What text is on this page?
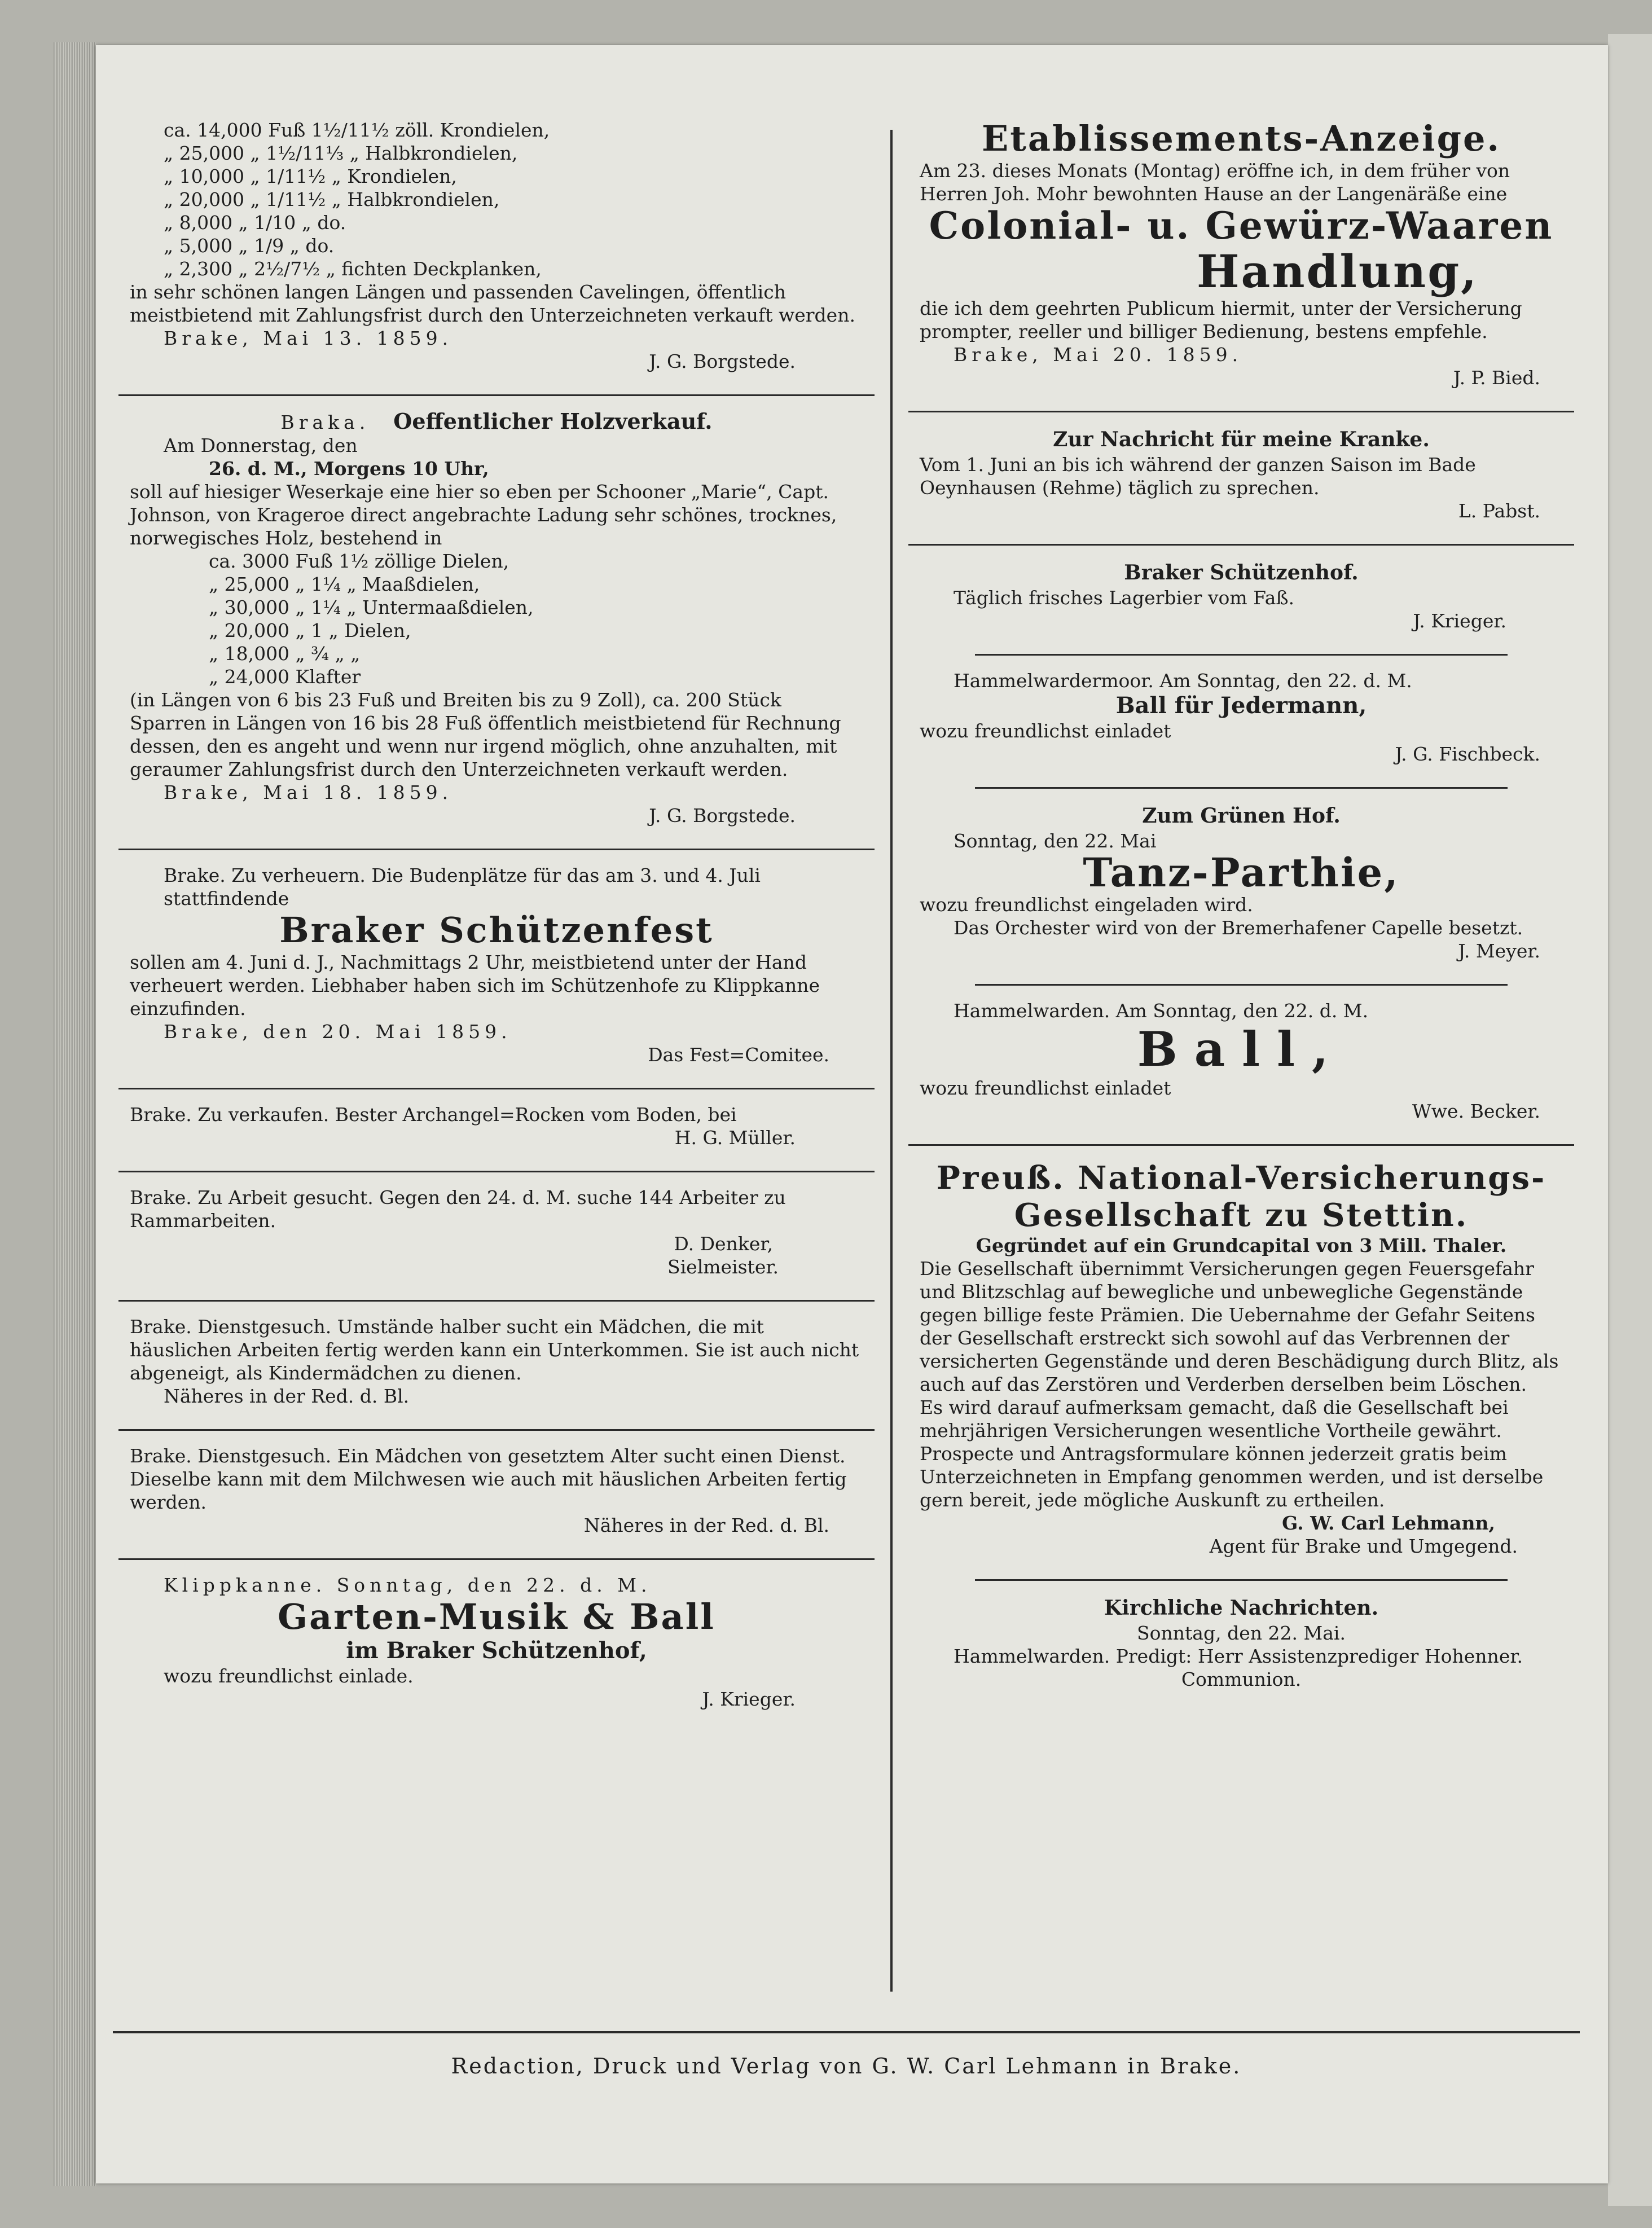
ca. 14,000 Fuß 1½/11½ zöll. Krondielen,
„ 25,000 „ 1½/11⅓ „ Halbkrondielen,
„ 10,000 „ 1/11½ „ Krondielen,
„ 20,000 „ 1/11½ „ Halbkrondielen,
„ 8,000 „ 1/10 „ do.
„ 5,000 „ 1/9 „ do.
„ 2,300 „ 2½/7½ „ fichten Deckplanken,
in sehr schönen langen Längen und passenden Cavelingen, öffentlich meistbietend mit Zahlungsfrist durch den Unterzeichneten verkauft werden.
Brake, Mai 13. 1859.
J. G. Borgstede.
Braka. Oeffentlicher Holzverkauf.
Am Donnerstag, den
26. d. M., Morgens 10 Uhr,
soll auf hiesiger Weserkaje eine hier so eben per Schooner „Marie“, Capt. Johnson, von Krageroe direct angebrachte Ladung sehr schönes, trocknes, norwegisches Holz, bestehend in
ca. 3000 Fuß 1½ zöllige Dielen,
„ 25,000 „ 1¼ „ Maaßdielen,
„ 30,000 „ 1¼ „ Untermaaßdielen,
„ 20,000 „ 1 „ Dielen,
„ 18,000 „ ¾ „ „
„ 24,000 Klafter
(in Längen von 6 bis 23 Fuß und Breiten bis zu 9 Zoll), ca. 200 Stück Sparren in Längen von 16 bis 28 Fuß öffentlich meistbietend für Rechnung dessen, den es angeht und wenn nur irgend möglich, ohne anzuhalten, mit geraumer Zahlungsfrist durch den Unterzeichneten verkauft werden.
Brake, Mai 18. 1859.
J. G. Borgstede.
Brake. Zu verheuern. Die Budenplätze für das am 3. und 4. Juli stattfindende
Braker Schützenfest
sollen am 4. Juni d. J., Nachmittags 2 Uhr, meistbietend unter der Hand verheuert werden. Liebhaber haben sich im Schützenhofe zu Klippkanne einzufinden.
Brake, den 20. Mai 1859.
Das Fest=Comitee.
Brake. Zu verkaufen. Bester Archangel=Rocken vom Boden, bei
H. G. Müller.
Brake. Zu Arbeit gesucht. Gegen den 24. d. M. suche 144 Arbeiter zu Rammarbeiten.
D. Denker,
Sielmeister.
Brake. Dienstgesuch. Umstände halber sucht ein Mädchen, die mit häuslichen Arbeiten fertig werden kann ein Unterkommen. Sie ist auch nicht abgeneigt, als Kindermädchen zu dienen.
Näheres in der Red. d. Bl.
Brake. Dienstgesuch. Ein Mädchen von gesetztem Alter sucht einen Dienst. Dieselbe kann mit dem Milchwesen wie auch mit häuslichen Arbeiten fertig werden.
Näheres in der Red. d. Bl.
Klippkanne. Sonntag, den 22. d. M.
Garten-Musik & Ball
im Braker Schützenhof,
wozu freundlichst einlade.
J. Krieger.
Etablissements-Anzeige.
Am 23. dieses Monats (Montag) eröffne ich, in dem früher von Herren Joh. Mohr bewohnten Hause an der Langenäräße eine
Colonial- u. Gewürz-Waaren
Handlung,
die ich dem geehrten Publicum hiermit, unter der Versicherung prompter, reeller und billiger Bedienung, bestens empfehle.
Brake, Mai 20. 1859.
J. P. Bied.
Zur Nachricht für meine Kranke.
Vom 1. Juni an bis ich während der ganzen Saison im Bade Oeynhausen (Rehme) täglich zu sprechen.
L. Pabst.
Braker Schützenhof.
Täglich frisches Lagerbier vom Faß.
J. Krieger.
Hammelwardermoor. Am Sonntag, den 22. d. M.
Ball für Jedermann,
wozu freundlichst einladet
J. G. Fischbeck.
Zum Grünen Hof.
Sonntag, den 22. Mai
Tanz-Parthie,
wozu freundlichst eingeladen wird.
Das Orchester wird von der Bremerhafener Capelle besetzt.
J. Meyer.
Hammelwarden. Am Sonntag, den 22. d. M.
Ball,
wozu freundlichst einladet
Wwe. Becker.
Preuß. National-Versicherungs-
Gesellschaft zu Stettin.
Gegründet auf ein Grundcapital von 3 Mill. Thaler.
Die Gesellschaft übernimmt Versicherungen gegen Feuersgefahr und Blitzschlag auf bewegliche und unbewegliche Gegenstände gegen billige feste Prämien. Die Uebernahme der Gefahr Seitens der Gesellschaft erstreckt sich sowohl auf das Verbrennen der versicherten Gegenstände und deren Beschädigung durch Blitz, als auch auf das Zerstören und Verderben derselben beim Löschen.
Es wird darauf aufmerksam gemacht, daß die Gesellschaft bei mehrjährigen Versicherungen wesentliche Vortheile gewährt.
Prospecte und Antragsformulare können jederzeit gratis beim Unterzeichneten in Empfang genommen werden, und ist derselbe gern bereit, jede mögliche Auskunft zu ertheilen.
G. W. Carl Lehmann,
Agent für Brake und Umgegend.
Kirchliche Nachrichten.
Sonntag, den 22. Mai.
Hammelwarden. Predigt: Herr Assistenzprediger Hohenner.
Communion.
Redaction, Druck und Verlag von G. W. Carl Lehmann in Brake.
